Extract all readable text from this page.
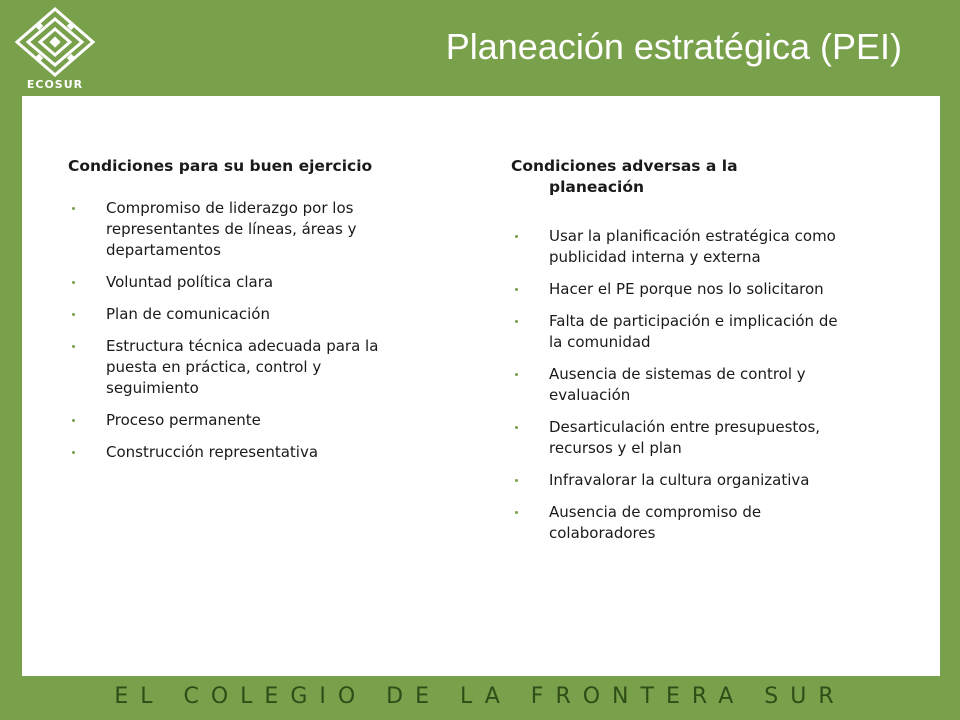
ECOSUR
Planeación estratégica (PEI)

Condiciones para su buen ejercicio

Compromiso de liderazgo por los representantes de líneas, áreas y departamentos
Voluntad política clara
Plan de comunicación
Estructura técnica adecuada para la puesta en práctica, control y seguimiento
Proceso permanente
Construcción representativa

Condiciones adversas a la
planeación

Usar la planificación estratégica como publicidad interna y externa
Hacer el PE porque nos lo solicitaron
Falta de participación e implicación de la comunidad
Ausencia de sistemas de control y evaluación
Desarticulación entre presupuestos, recursos y el plan
Infravalorar la cultura organizativa
Ausencia de compromiso de colaboradores

EL COLEGIO DE LA FRONTERA SUR
